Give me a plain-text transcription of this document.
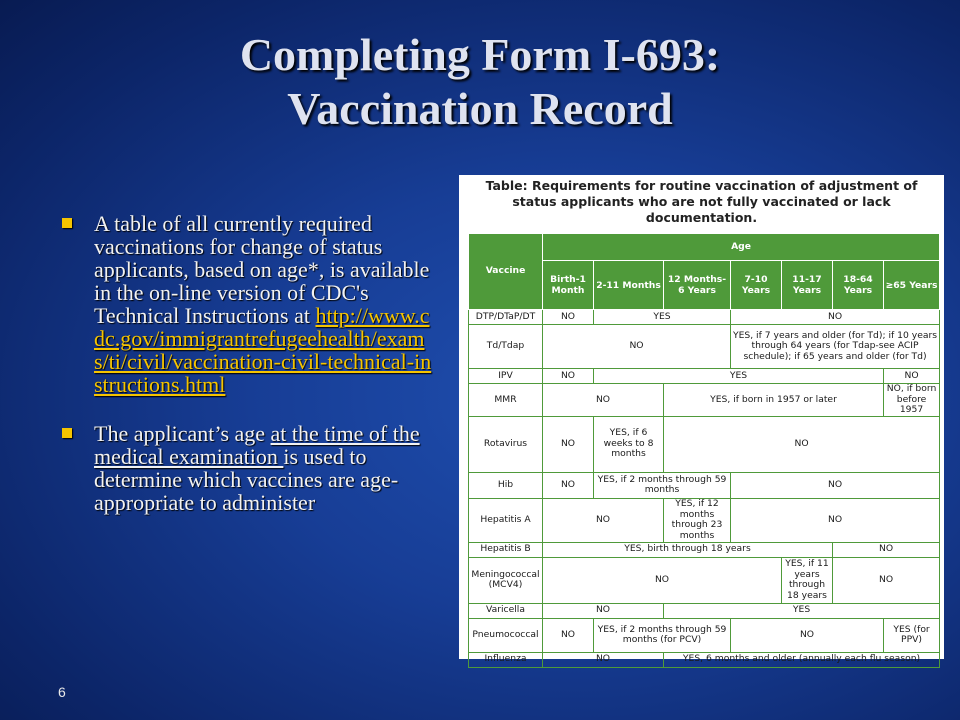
Completing Form I-693:
Vaccination Record
A table of all currently required vaccinations for change of status applicants, based on age*, is available in the on-line version of CDC's Technical Instructions at http://www.cdc.gov/immigrantrefugeehealth/exams/ti/civil/vaccination-civil-technical-instructions.html
The applicant’s age at the time of the medical examination is used to determine which vaccines are age-appropriate to administer
6
Table: Requirements for routine vaccination of adjustment of status applicants who are not fully vaccinated or lack documentation.
Vaccine	Age						
	Birth-1 Month	2-11 Months	12 Months-6 Years	7-10 Years	11-17 Years	18-64 Years	≥65 Years
DTP/DTaP/DT	NO	YES		NO			
Td/Tdap	NO			YES, if 7 years and older (for Td); if 10 years through 64 years (for Tdap-see ACIP schedule); if 65 years and older (for Td)			
IPV	NO	YES					NO
MMR	NO		YES, if born in 1957 or later				NO, if born before 1957
Rotavirus	NO	YES, if 6 weeks to 8 months	NO				
Hib	NO	YES, if 2 months through 59 months		NO			
Hepatitis A	NO		YES, if 12 months through 23 months	NO			
Hepatitis B	YES, birth through 18 years					NO	
Meningococcal (MCV4)	NO				YES, if 11 years through 18 years	NO	
Varicella	NO		YES				
Pneumococcal	NO	YES, if 2 months through 59 months (for PCV)		NO			YES (for PPV)
Influenza	NO		YES, 6 months and older (annually each flu season)				
